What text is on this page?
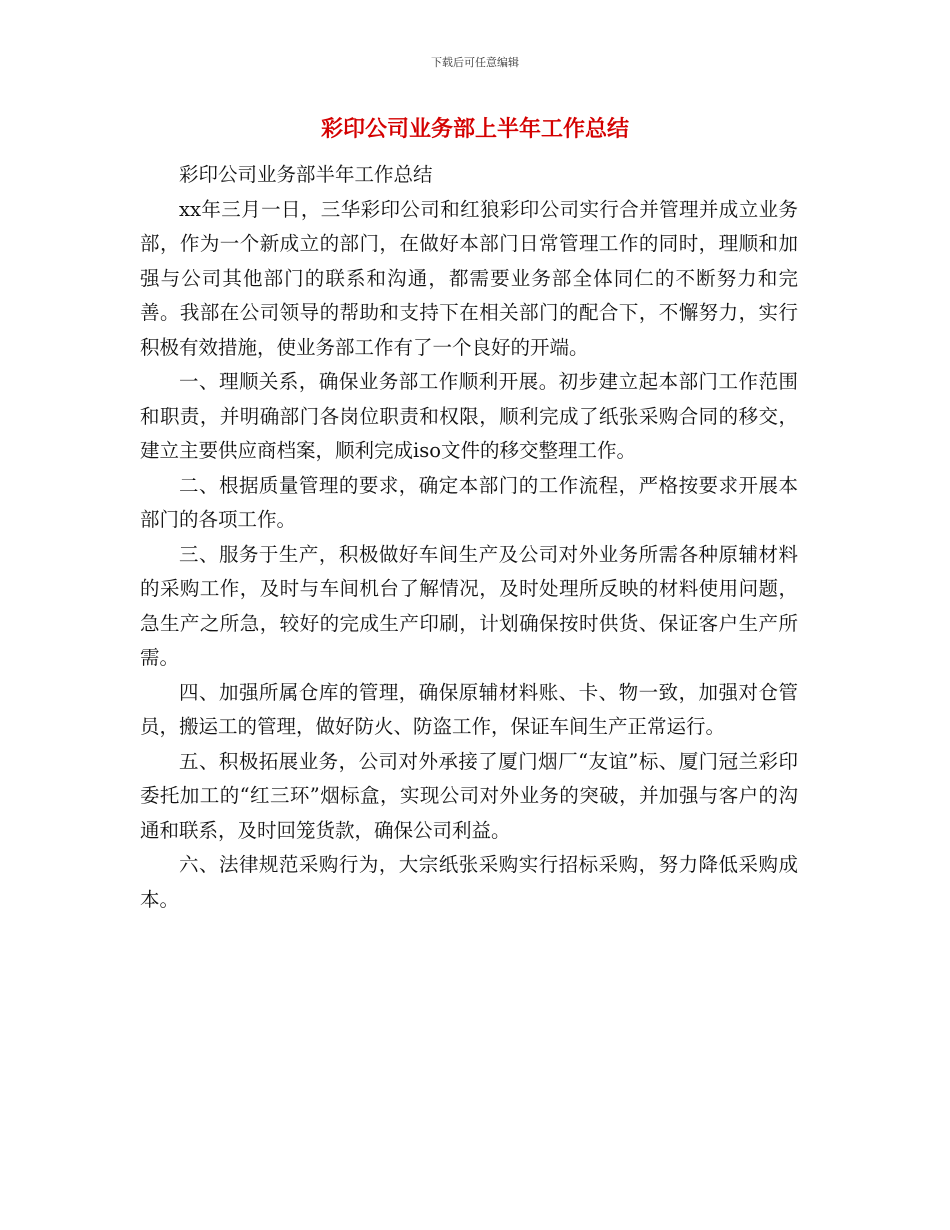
下载后可任意编辑
彩印公司业务部上半年工作总结

彩印公司业务部半年工作总结

xx年三月一日，三华彩印公司和红狼彩印公司实行合并管理并成立业务部，作为一个新成立的部门，在做好本部门日常管理工作的同时，理顺和加强与公司其他部门的联系和沟通，都需要业务部全体同仁的不断努力和完善。我部在公司领导的帮助和支持下在相关部门的配合下，不懈努力，实行积极有效措施，使业务部工作有了一个良好的开端。

一、理顺关系，确保业务部工作顺利开展。初步建立起本部门工作范围和职责，并明确部门各岗位职责和权限，顺利完成了纸张采购合同的移交，建立主要供应商档案，顺利完成iso文件的移交整理工作。

二、根据质量管理的要求，确定本部门的工作流程，严格按要求开展本部门的各项工作。

三、服务于生产，积极做好车间生产及公司对外业务所需各种原辅材料的采购工作，及时与车间机台了解情况，及时处理所反映的材料使用问题，急生产之所急，较好的完成生产印刷，计划确保按时供货、保证客户生产所需。

四、加强所属仓库的管理，确保原辅材料账、卡、物一致，加强对仓管员，搬运工的管理，做好防火、防盗工作，保证车间生产正常运行。

五、积极拓展业务，公司对外承接了厦门烟厂“友谊”标、厦门冠兰彩印委托加工的“红三环”烟标盒，实现公司对外业务的突破，并加强与客户的沟通和联系，及时回笼货款，确保公司利益。

六、法律规范采购行为，大宗纸张采购实行招标采购，努力降低采购成本。
